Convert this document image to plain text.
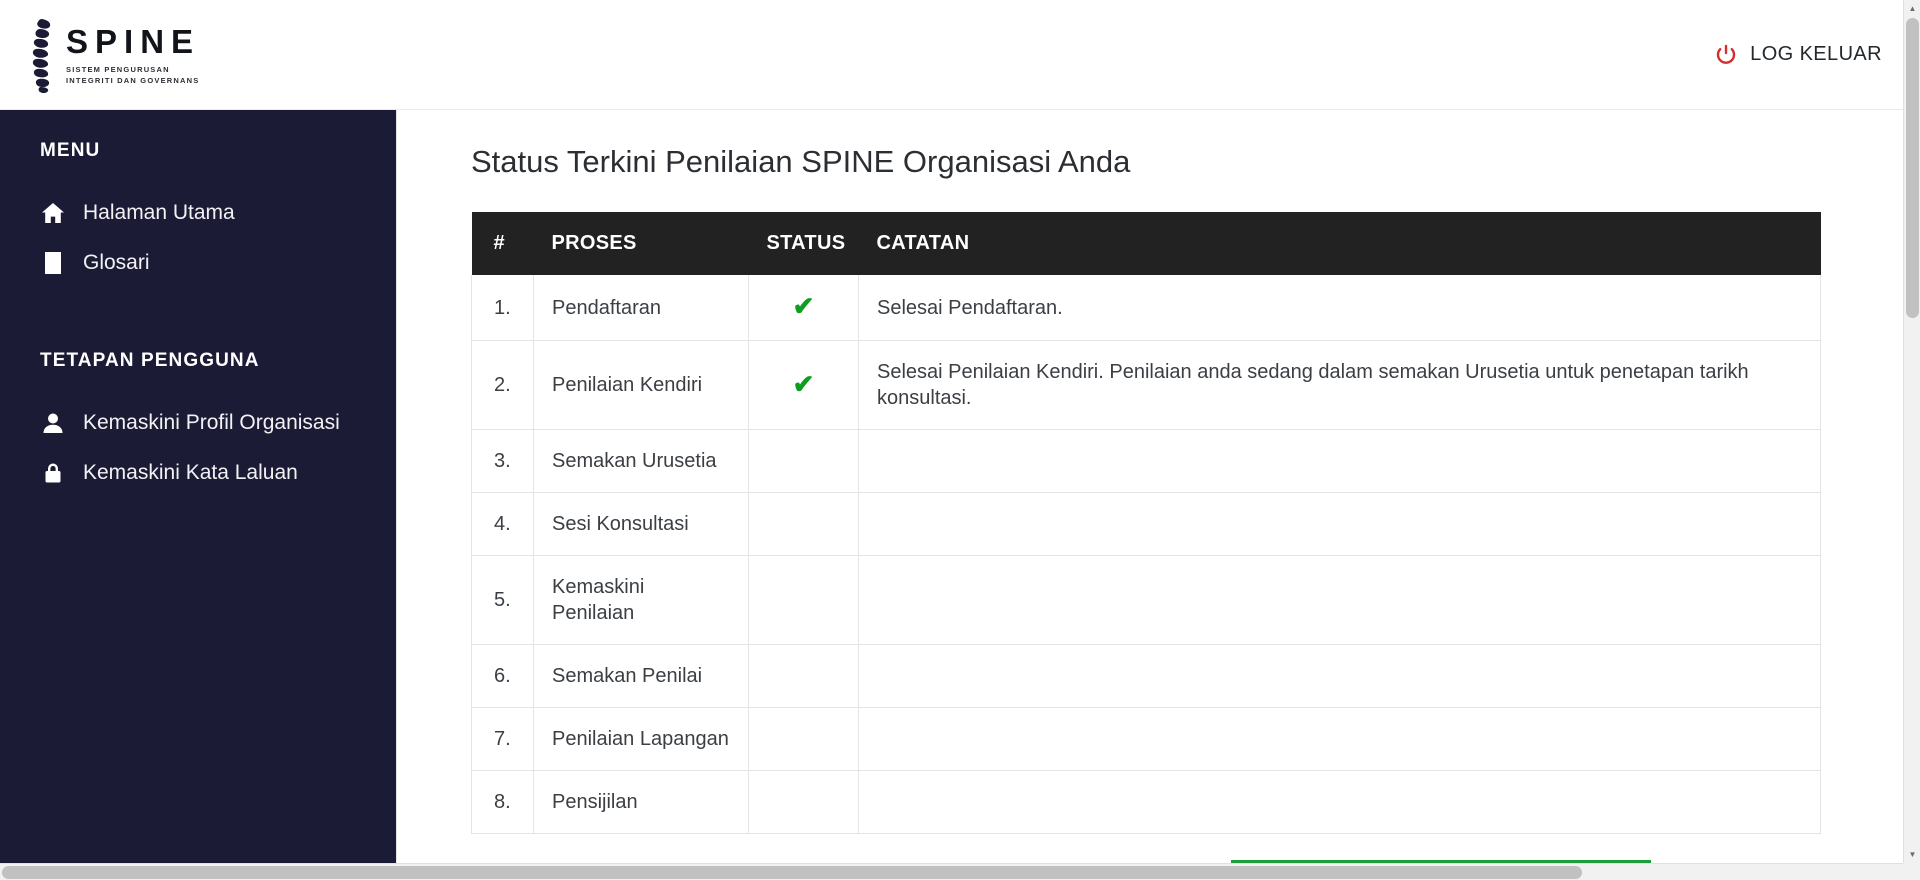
SPINE
SISTEM PENGURUSAN
INTEGRITI DAN GOVERNANS
LOG KELUAR
MENU
Halaman Utama
Glosari
TETAPAN PENGGUNA
Kemaskini Profil Organisasi
Kemaskini Kata Laluan
Status Terkini Penilaian SPINE Organisasi Anda
#	PROSES	STATUS	CATATAN
1.	Pendaftaran	✔	Selesai Pendaftaran.
2.	Penilaian Kendiri	✔	Selesai Penilaian Kendiri. Penilaian anda sedang dalam semakan Urusetia untuk penetapan tarikh konsultasi.
3.	Semakan Urusetia		
4.	Sesi Konsultasi		
5.	Kemaskini Penilaian		
6.	Semakan Penilai		
7.	Penilaian Lapangan		
8.	Pensijilan		
▲
▼
